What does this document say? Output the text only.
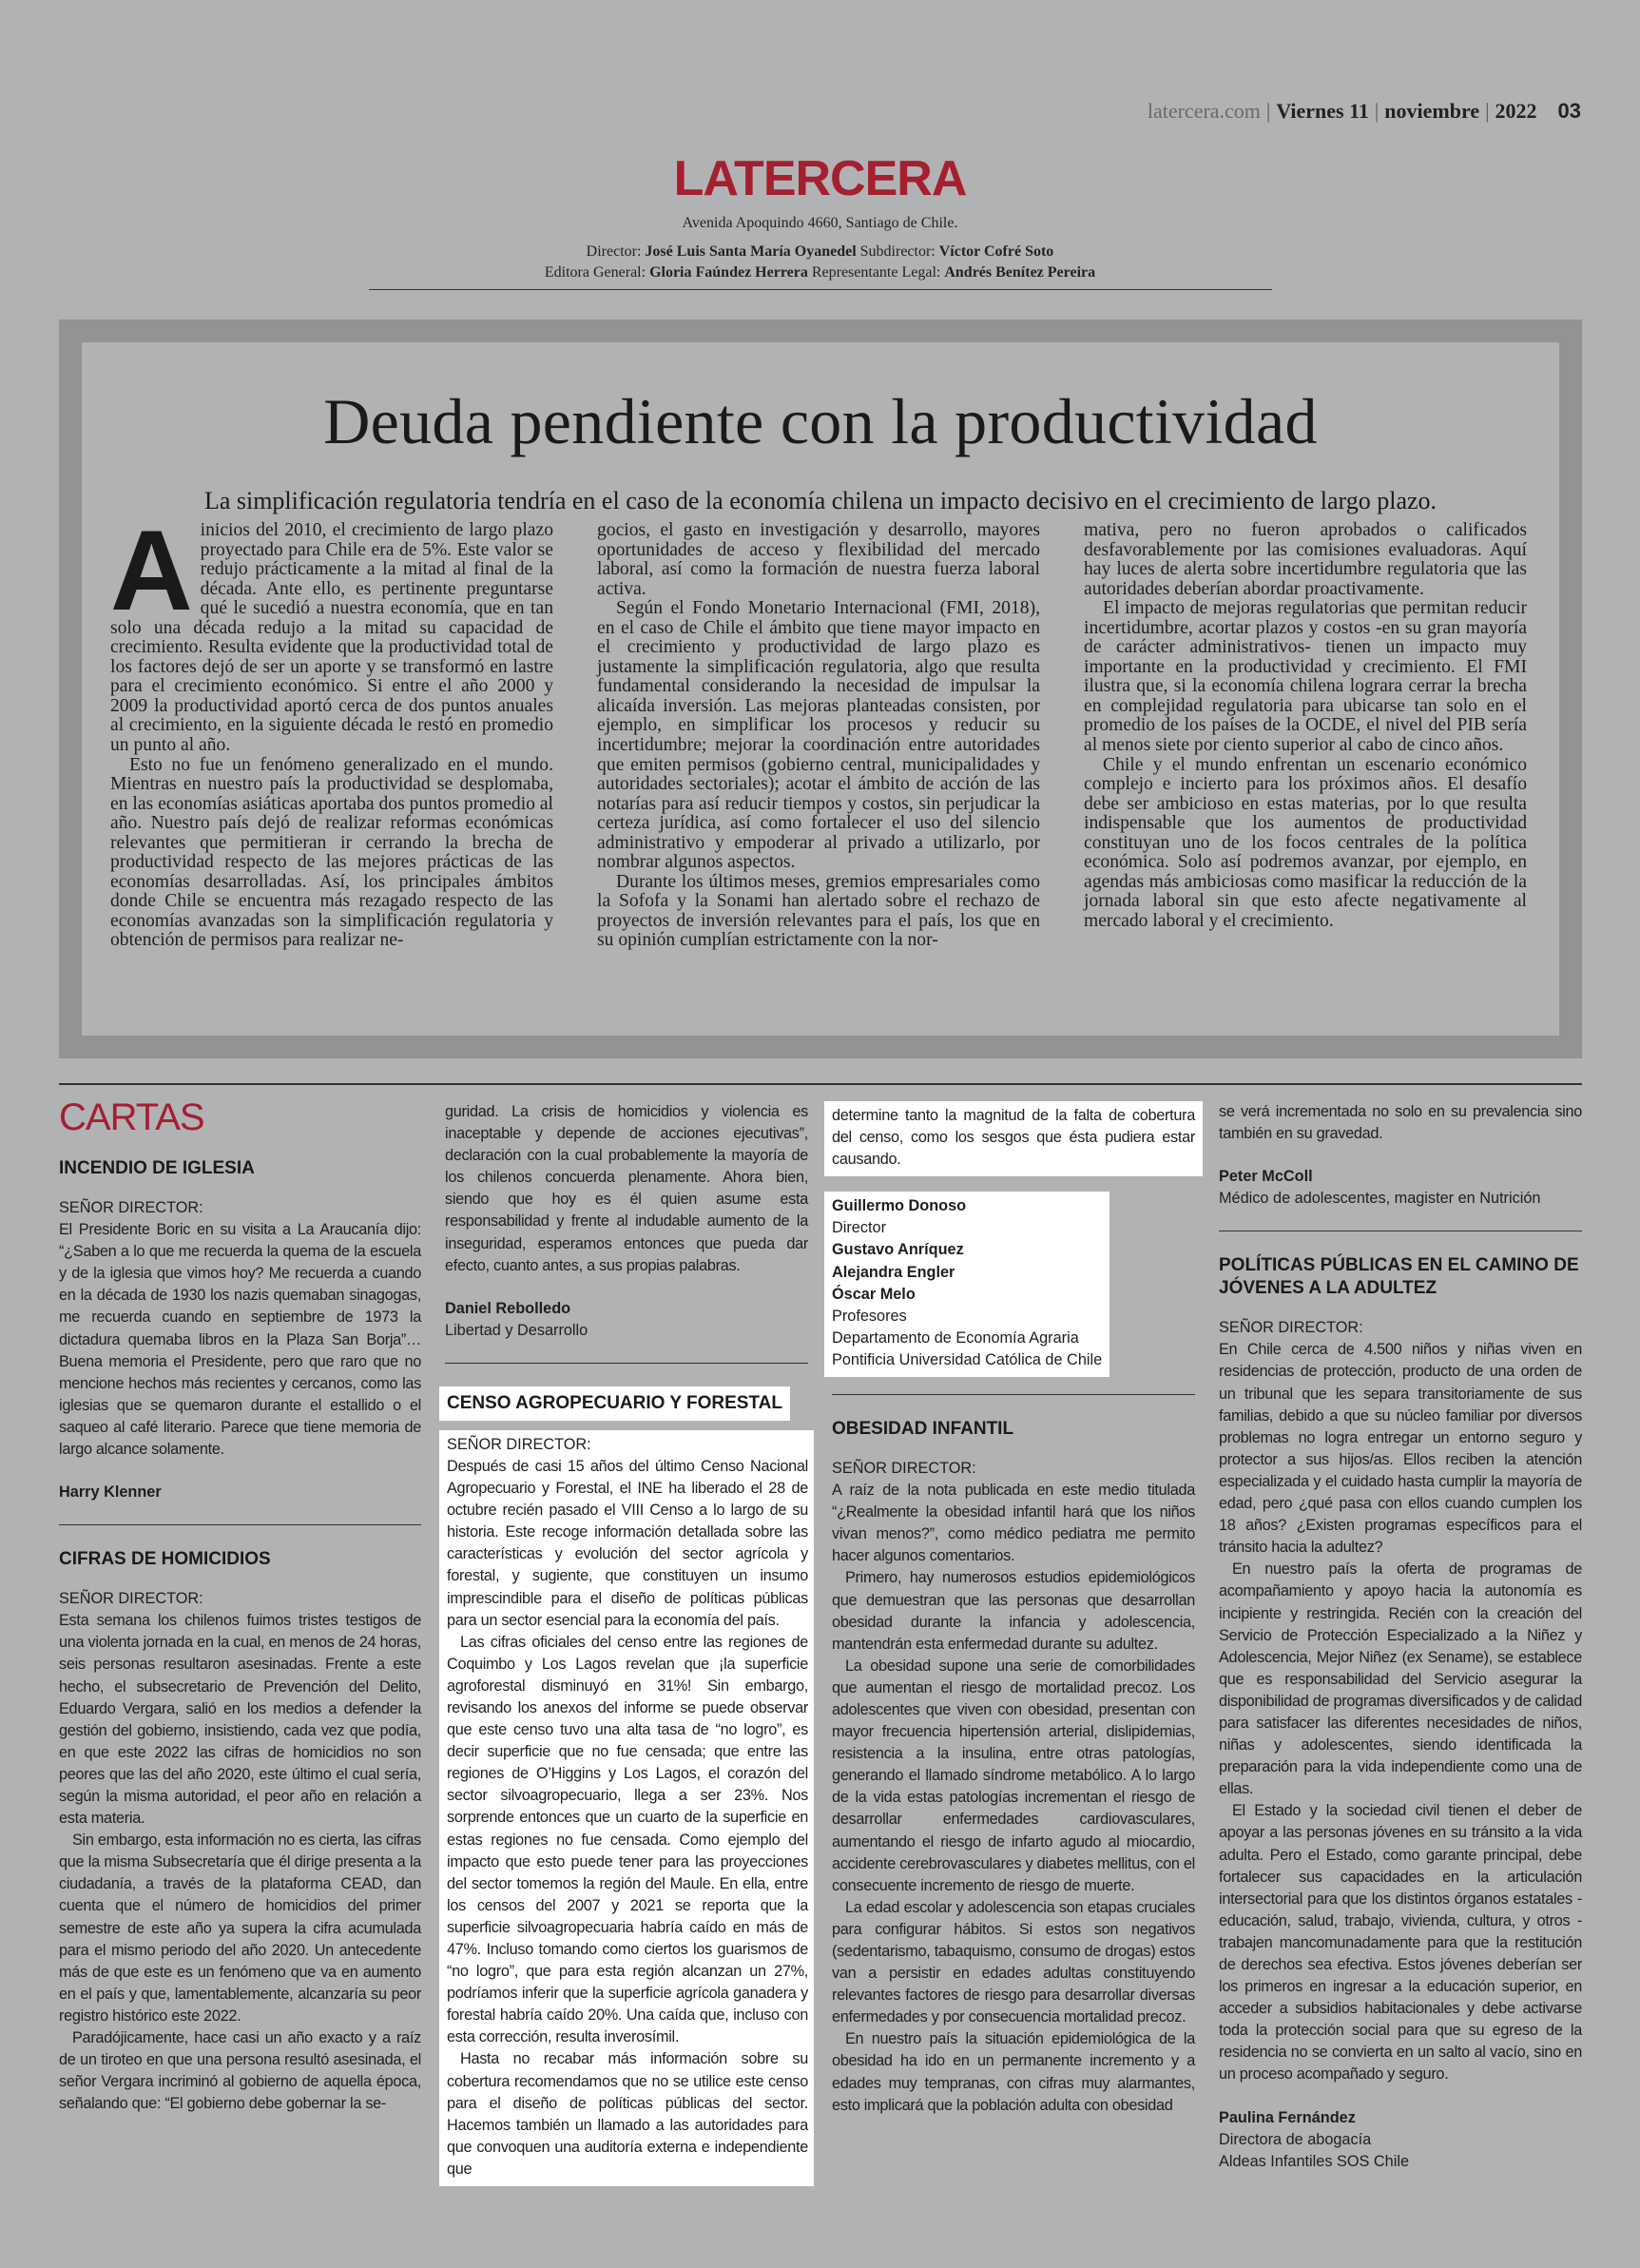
latercera.com | Viernes 11 | noviembre | 2022 03
LATERCERA
Avenida Apoquindo 4660, Santiago de Chile.
Director: José Luis Santa María Oyanedel Subdirector: Víctor Cofré Soto
Editora General: Gloria Faúndez Herrera Representante Legal: Andrés Benítez Pereira
Deuda pendiente con la productividad
La simplificación regulatoria tendría en el caso de la economía chilena un impacto decisivo en el crecimiento de largo plazo.

Ainicios del 2010, el crecimiento de largo plazo proyectado para Chile era de 5%. Este valor se redujo prácticamente a la mitad al final de la década. Ante ello, es pertinente preguntarse qué le sucedió a nuestra economía, que en tan solo una década redujo a la mitad su capacidad de crecimiento. Resulta evidente que la productividad total de los factores dejó de ser un aporte y se transformó en lastre para el crecimiento económico. Si entre el año 2000 y 2009 la productividad aportó cerca de dos puntos anuales al crecimiento, en la siguiente década le restó en promedio un punto al año.

Esto no fue un fenómeno generalizado en el mundo. Mientras en nuestro país la productividad se desplomaba, en las economías asiáticas aportaba dos puntos promedio al año. Nuestro país dejó de realizar reformas económicas relevantes que permitieran ir cerrando la brecha de productividad respecto de las mejores prácticas de las economías desarrolladas. Así, los principales ámbitos donde Chile se encuentra más rezagado respecto de las economías avanzadas son la simplificación regulatoria y obtención de permisos para realizar ne-

gocios, el gasto en investigación y desarrollo, mayores oportunidades de acceso y flexibilidad del mercado laboral, así como la formación de nuestra fuerza laboral activa.

Según el Fondo Monetario Internacional (FMI, 2018), en el caso de Chile el ámbito que tiene mayor impacto en el crecimiento y productividad de largo plazo es justamente la simplificación regulatoria, algo que resulta fundamental considerando la necesidad de impulsar la alicaída inversión. Las mejoras planteadas consisten, por ejemplo, en simplificar los procesos y reducir su incertidumbre; mejorar la coordinación entre autoridades que emiten permisos (gobierno central, municipalidades y autoridades sectoriales); acotar el ámbito de acción de las notarías para así reducir tiempos y costos, sin perjudicar la certeza jurídica, así como fortalecer el uso del silencio administrativo y empoderar al privado a utilizarlo, por nombrar algunos aspectos.

Durante los últimos meses, gremios empresariales como la Sofofa y la Sonami han alertado sobre el rechazo de proyectos de inversión relevantes para el país, los que en su opinión cumplían estrictamente con la nor-

mativa, pero no fueron aprobados o calificados desfavorablemente por las comisiones evaluadoras. Aquí hay luces de alerta sobre incertidumbre regulatoria que las autoridades deberían abordar proactivamente.

El impacto de mejoras regulatorias que permitan reducir incertidumbre, acortar plazos y costos -en su gran mayoría de carácter administrativos- tienen un impacto muy importante en la productividad y crecimiento. El FMI ilustra que, si la economía chilena lograra cerrar la brecha en complejidad regulatoria para ubicarse tan solo en el promedio de los países de la OCDE, el nivel del PIB sería al menos siete por ciento superior al cabo de cinco años.

Chile y el mundo enfrentan un escenario económico complejo e incierto para los próximos años. El desafío debe ser ambicioso en estas materias, por lo que resulta indispensable que los aumentos de productividad constituyan uno de los focos centrales de la política económica. Solo así podremos avanzar, por ejemplo, en agendas más ambiciosas como masificar la reducción de la jornada laboral sin que esto afecte negativamente al mercado laboral y el crecimiento.

CARTAS
INCENDIO DE IGLESIA
SEÑOR DIRECTOR:

El Presidente Boric en su visita a La Araucanía dijo: “¿Saben a lo que me recuerda la quema de la escuela y de la iglesia que vimos hoy? Me recuerda a cuando en la década de 1930 los nazis quemaban sinagogas, me recuerda cuando en septiembre de 1973 la dictadura quemaba libros en la Plaza San Borja”… Buena memoria el Presidente, pero que raro que no mencione hechos más recientes y cercanos, como las iglesias que se quemaron durante el estallido o el saqueo al café literario. Parece que tiene memoria de largo alcance solamente.

Harry Klenner
CIFRAS DE HOMICIDIOS
SEÑOR DIRECTOR:

Esta semana los chilenos fuimos tristes testigos de una violenta jornada en la cual, en menos de 24 horas, seis personas resultaron asesinadas. Frente a este hecho, el subsecretario de Prevención del Delito, Eduardo Vergara, salió en los medios a defender la gestión del gobierno, insistiendo, cada vez que podía, en que este 2022 las cifras de homicidios no son peores que las del año 2020, este último el cual sería, según la misma autoridad, el peor año en relación a esta materia.

Sin embargo, esta información no es cierta, las cifras que la misma Subsecretaría que él dirige presenta a la ciudadanía, a través de la plataforma CEAD, dan cuenta que el número de homicidios del primer semestre de este año ya supera la cifra acumulada para el mismo periodo del año 2020. Un antecedente más de que este es un fenómeno que va en aumento en el país y que, lamentablemente, alcanzaría su peor registro histórico este 2022.

Paradójicamente, hace casi un año exacto y a raíz de un tiroteo en que una persona resultó asesinada, el señor Vergara incriminó al gobierno de aquella época, señalando que: “El gobierno debe gobernar la se-

guridad. La crisis de homicidios y violencia es inaceptable y depende de acciones ejecutivas”, declaración con la cual probablemente la mayoría de los chilenos concuerda plenamente. Ahora bien, siendo que hoy es él quien asume esta responsabilidad y frente al indudable aumento de la inseguridad, esperamos entonces que pueda dar efecto, cuanto antes, a sus propias palabras.

Daniel Rebolledo
Libertad y Desarrollo
CENSO AGROPECUARIO Y FORESTAL
SEÑOR DIRECTOR:

Después de casi 15 años del último Censo Nacional Agropecuario y Forestal, el INE ha liberado el 28 de octubre recién pasado el VIII Censo a lo largo de su historia. Este recoge información detallada sobre las características y evolución del sector agrícola y forestal, y sugiente, que constituyen un insumo imprescindible para el diseño de políticas públicas para un sector esencial para la economía del país.

Las cifras oficiales del censo entre las regiones de Coquimbo y Los Lagos revelan que ¡la superficie agroforestal disminuyó en 31%! Sin embargo, revisando los anexos del informe se puede observar que este censo tuvo una alta tasa de “no logro”, es decir superficie que no fue censada; que entre las regiones de O’Higgins y Los Lagos, el corazón del sector silvoagropecuario, llega a ser 23%. Nos sorprende entonces que un cuarto de la superficie en estas regiones no fue censada. Como ejemplo del impacto que esto puede tener para las proyecciones del sector tomemos la región del Maule. En ella, entre los censos del 2007 y 2021 se reporta que la superficie silvoagropecuaria habría caído en más de 47%. Incluso tomando como ciertos los guarismos de “no logro”, que para esta región alcanzan un 27%, podríamos inferir que la superficie agrícola ganadera y forestal habría caído 20%. Una caída que, incluso con esta corrección, resulta inverosímil.

Hasta no recabar más información sobre su cobertura recomendamos que no se utilice este censo para el diseño de políticas públicas del sector. Hacemos también un llamado a las autoridades para que convoquen una auditoría externa e independiente que

determine tanto la magnitud de la falta de cobertura del censo, como los sesgos que ésta pudiera estar causando.

Guillermo Donoso
Director
Gustavo Anríquez
Alejandra Engler
Óscar Melo
Profesores
Departamento de Economía Agraria
Pontificia Universidad Católica de Chile
OBESIDAD INFANTIL
SEÑOR DIRECTOR:

A raíz de la nota publicada en este medio titulada “¿Realmente la obesidad infantil hará que los niños vivan menos?”, como médico pediatra me permito hacer algunos comentarios.

Primero, hay numerosos estudios epidemiológicos que demuestran que las personas que desarrollan obesidad durante la infancia y adolescencia, mantendrán esta enfermedad durante su adultez.

La obesidad supone una serie de comorbilidades que aumentan el riesgo de mortalidad precoz. Los adolescentes que viven con obesidad, presentan con mayor frecuencia hipertensión arterial, dislipidemias, resistencia a la insulina, entre otras patologías, generando el llamado síndrome metabólico. A lo largo de la vida estas patologías incrementan el riesgo de desarrollar enfermedades cardiovasculares, aumentando el riesgo de infarto agudo al miocardio, accidente cerebrovasculares y diabetes mellitus, con el consecuente incremento de riesgo de muerte.

La edad escolar y adolescencia son etapas cruciales para configurar hábitos. Si estos son negativos (sedentarismo, tabaquismo, consumo de drogas) estos van a persistir en edades adultas constituyendo relevantes factores de riesgo para desarrollar diversas enfermedades y por consecuencia mortalidad precoz.

En nuestro país la situación epidemiológica de la obesidad ha ido en un permanente incremento y a edades muy tempranas, con cifras muy alarmantes, esto implicará que la población adulta con obesidad

se verá incrementada no solo en su prevalencia sino también en su gravedad.

Peter McColl
Médico de adolescentes, magister en Nutrición
POLÍTICAS PÚBLICAS EN EL CAMINO DE JÓVENES A LA ADULTEZ
SEÑOR DIRECTOR:

En Chile cerca de 4.500 niños y niñas viven en residencias de protección, producto de una orden de un tribunal que les separa transitoriamente de sus familias, debido a que su núcleo familiar por diversos problemas no logra entregar un entorno seguro y protector a sus hijos/as. Ellos reciben la atención especializada y el cuidado hasta cumplir la mayoría de edad, pero ¿qué pasa con ellos cuando cumplen los 18 años? ¿Existen programas específicos para el tránsito hacia la adultez?

En nuestro país la oferta de programas de acompañamiento y apoyo hacia la autonomía es incipiente y restringida. Recién con la creación del Servicio de Protección Especializado a la Niñez y Adolescencia, Mejor Niñez (ex Sename), se establece que es responsabilidad del Servicio asegurar la disponibilidad de programas diversificados y de calidad para satisfacer las diferentes necesidades de niños, niñas y adolescentes, siendo identificada la preparación para la vida independiente como una de ellas.

El Estado y la sociedad civil tienen el deber de apoyar a las personas jóvenes en su tránsito a la vida adulta. Pero el Estado, como garante principal, debe fortalecer sus capacidades en la articulación intersectorial para que los distintos órganos estatales -educación, salud, trabajo, vivienda, cultura, y otros - trabajen mancomunadamente para que la restitución de derechos sea efectiva. Estos jóvenes deberían ser los primeros en ingresar a la educación superior, en acceder a subsidios habitacionales y debe activarse toda la protección social para que su egreso de la residencia no se convierta en un salto al vacío, sino en un proceso acompañado y seguro.

Paulina Fernández
Directora de abogacía
Aldeas Infantiles SOS Chile
